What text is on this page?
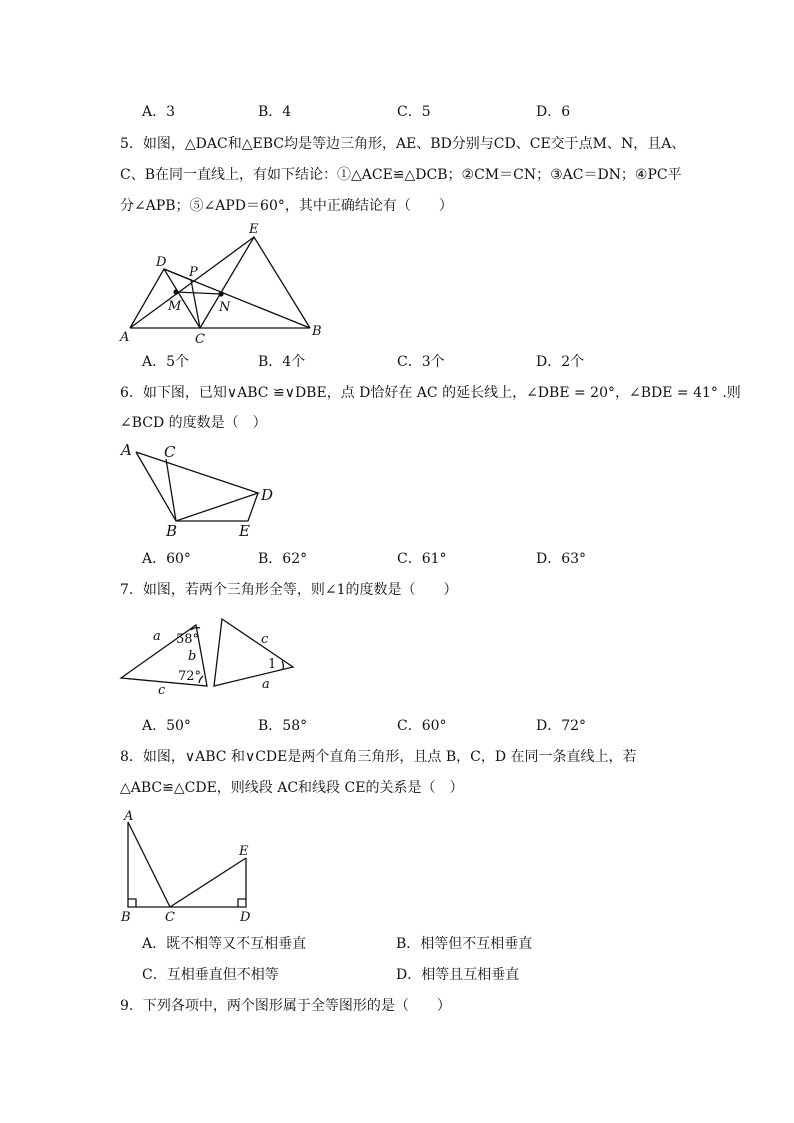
A．3	B．4	C．5	D．6
5．如图，△DAC和△EBC均是等边三角形，AE、BD分别与CD、CE交于点M、N，且A、
C、B在同一直线上，有如下结论：①△ACE≌△DCB；②CM＝CN；③AC＝DN；④PC平
分∠APB；⑤∠APD＝60°，其中正确结论有（　　）
E
D
P
M	N
A	C
B
A．5个	B．4个	C．3个	D．2个
6．如下图，已知∨ABC ≌∨DBE，点 D恰好在 AC 的延长线上，∠DBE = 20°，∠BDE = 41° .则
∠BCD 的度数是（　）
A C
D
B	E
A．60°	B．62°	C．61°	D．63°
7．如图，若两个三角形全等，则∠1的度数是（　　）
a 58°
b
72°
c
c
1
a
A．50°	B．58°	C．60°	D．72°
8．如图，∨ABC 和∨CDE是两个直角三角形，且点 B，C，D 在同一条直线上，若
△ABC≌△CDE，则线段 AC和线段 CE的关系是（　）
A
E
B	C	D
A．既不相等又不互相垂直	B．相等但不互相垂直
C．互相垂直但不相等	D．相等且互相垂直
9．下列各项中，两个图形属于全等图形的是（　　）
